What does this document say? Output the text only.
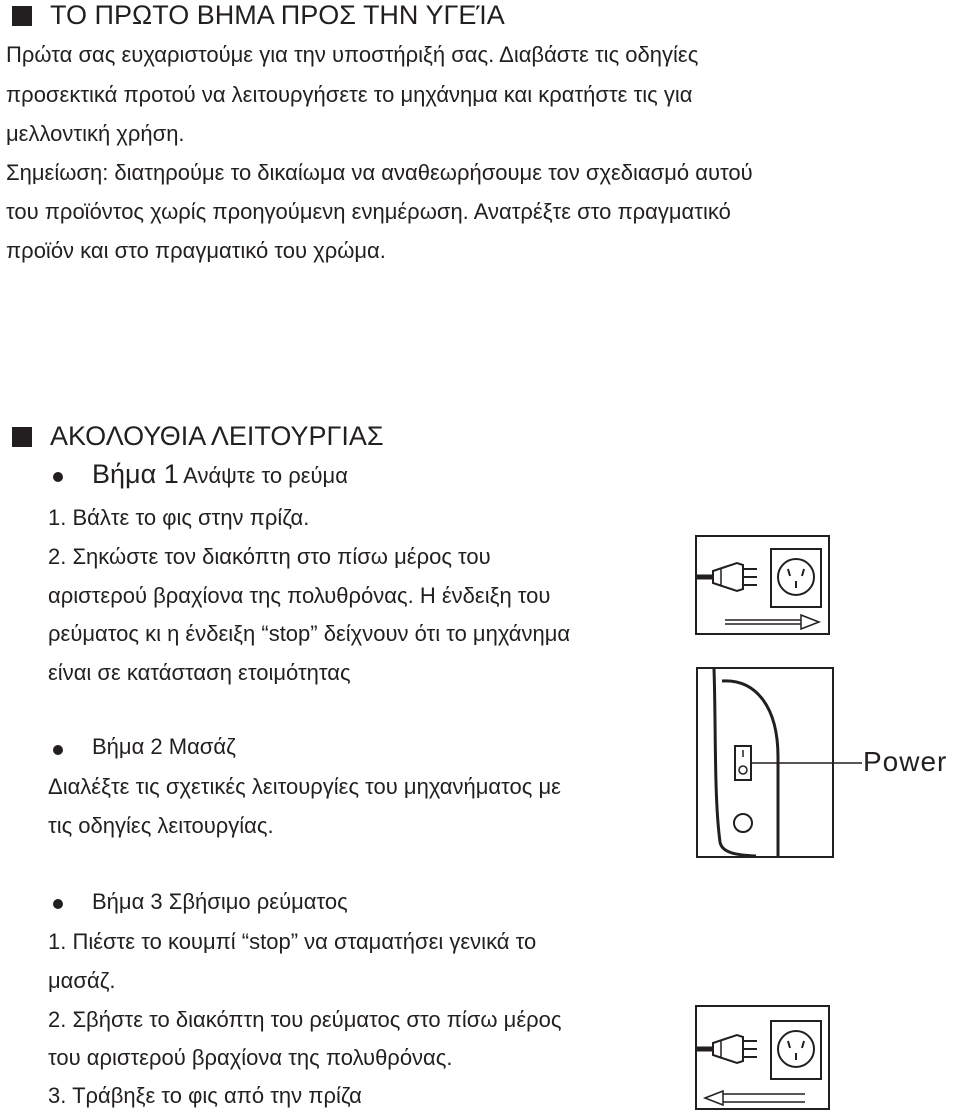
ΤΟ ΠΡΩΤΟ ΒΗΜΑ ΠΡΟΣ ΤΗΝ ΥΓΕΊΑ
Πρώτα σας ευχαριστούμε για την υποστήριξή σας. Διαβάστε τις οδηγίες
προσεκτικά προτού να λειτουργήσετε το μηχάνημα και κρατήστε τις για
μελλοντική χρήση.
Σημείωση: διατηρούμε το δικαίωμα να αναθεωρήσουμε τον σχεδιασμό αυτού
του προϊόντος χωρίς προηγούμενη ενημέρωση. Ανατρέξτε στο πραγματικό
προϊόν και στο πραγματικό του χρώμα.
ΑΚΟΛΟΥΘΙΑ ΛΕΙΤΟΥΡΓΙΑΣ
Βήμα 1 Ανάψτε το ρεύμα
1. Βάλτε το φις στην πρίζα.
2. Σηκώστε τον διακόπτη στο πίσω μέρος του
αριστερού βραχίονα της πολυθρόνας. Η ένδειξη του
ρεύματος κι η ένδειξη “stop” δείχνουν ότι το μηχάνημα
είναι σε κατάσταση ετοιμότητας
Βήμα 2 Μασάζ
Διαλέξτε τις σχετικές λειτουργίες του μηχανήματος με
τις οδηγίες λειτουργίας.
Power
Βήμα 3 Σβήσιμο ρεύματος
1. Πιέστε το κουμπί “stop” να σταματήσει γενικά το
μασάζ.
2. Σβήστε το διακόπτη του ρεύματος στο πίσω μέρος
του αριστερού βραχίονα της πολυθρόνας.
3. Τράβηξε το φις από την πρίζα
